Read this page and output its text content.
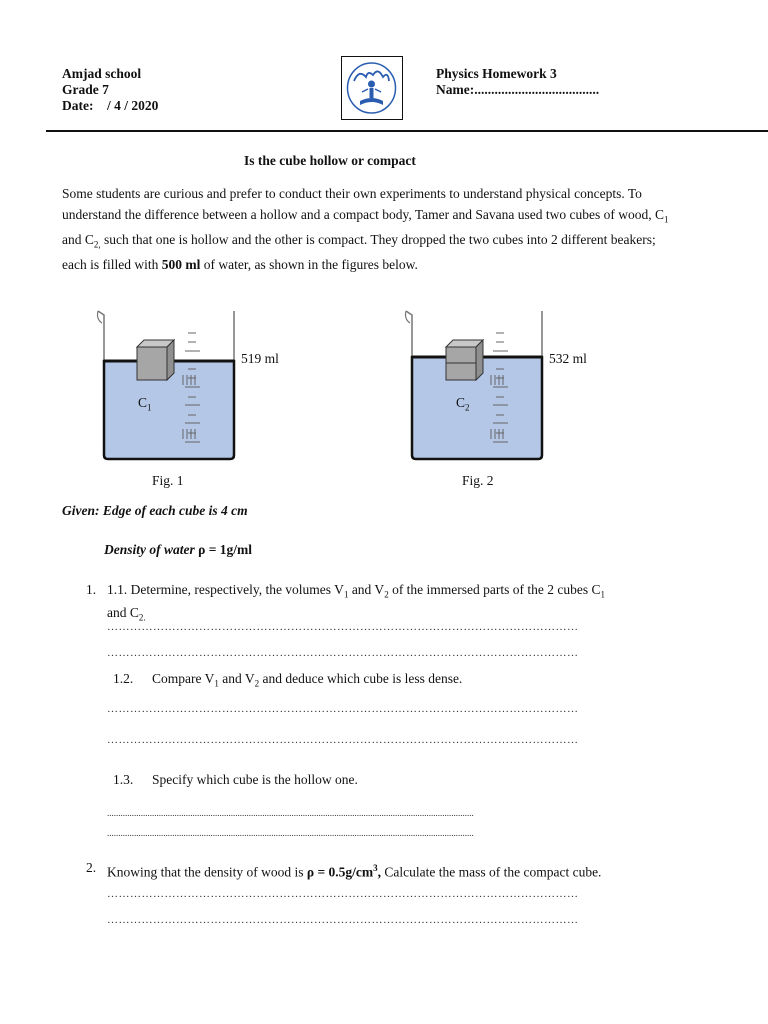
Amjad school
Grade 7
Date:    / 4 / 2020
Physics Homework 3
Name:.....................................
Is the cube hollow or compact
Some students are curious and prefer to conduct their own experiments to understand physical concepts. To understand the difference between a hollow and a compact body, Tamer and Savana used two cubes of wood, $C_1$ and $C_{2,}$ such that one is hollow and the other is compact. They dropped the two cubes into 2 different beakers; each is filled with 500 ml of water, as shown in the figures below.
519 ml
$C_1$
Fig. 1
532 ml
$C_2$
Fig. 2
Given: Edge of each cube is 4 cm
Density of water ρ = 1g/ml
1. 1.1. Determine, respectively, the volumes $V_1$ and $V_2$ of the immersed parts of the 2 cubes $C_1$
and $C_{2.}$
……………………………………………………………………………………………………………
……………………………………………………………………………………………………………
1.2. Compare $V_1$ and $V_2$ and deduce which cube is less dense.
……………………………………………………………………………………………………………
……………………………………………………………………………………………………………
1.3. Specify which cube is the hollow one.
...................................................................................................................................................................
...................................................................................................................................................................
2. Knowing that the density of wood is $\rho = 0.5g/cm^3$, Calculate the mass of the compact cube.
……………………………………………………………………………………………………………
……………………………………………………………………………………………………………
